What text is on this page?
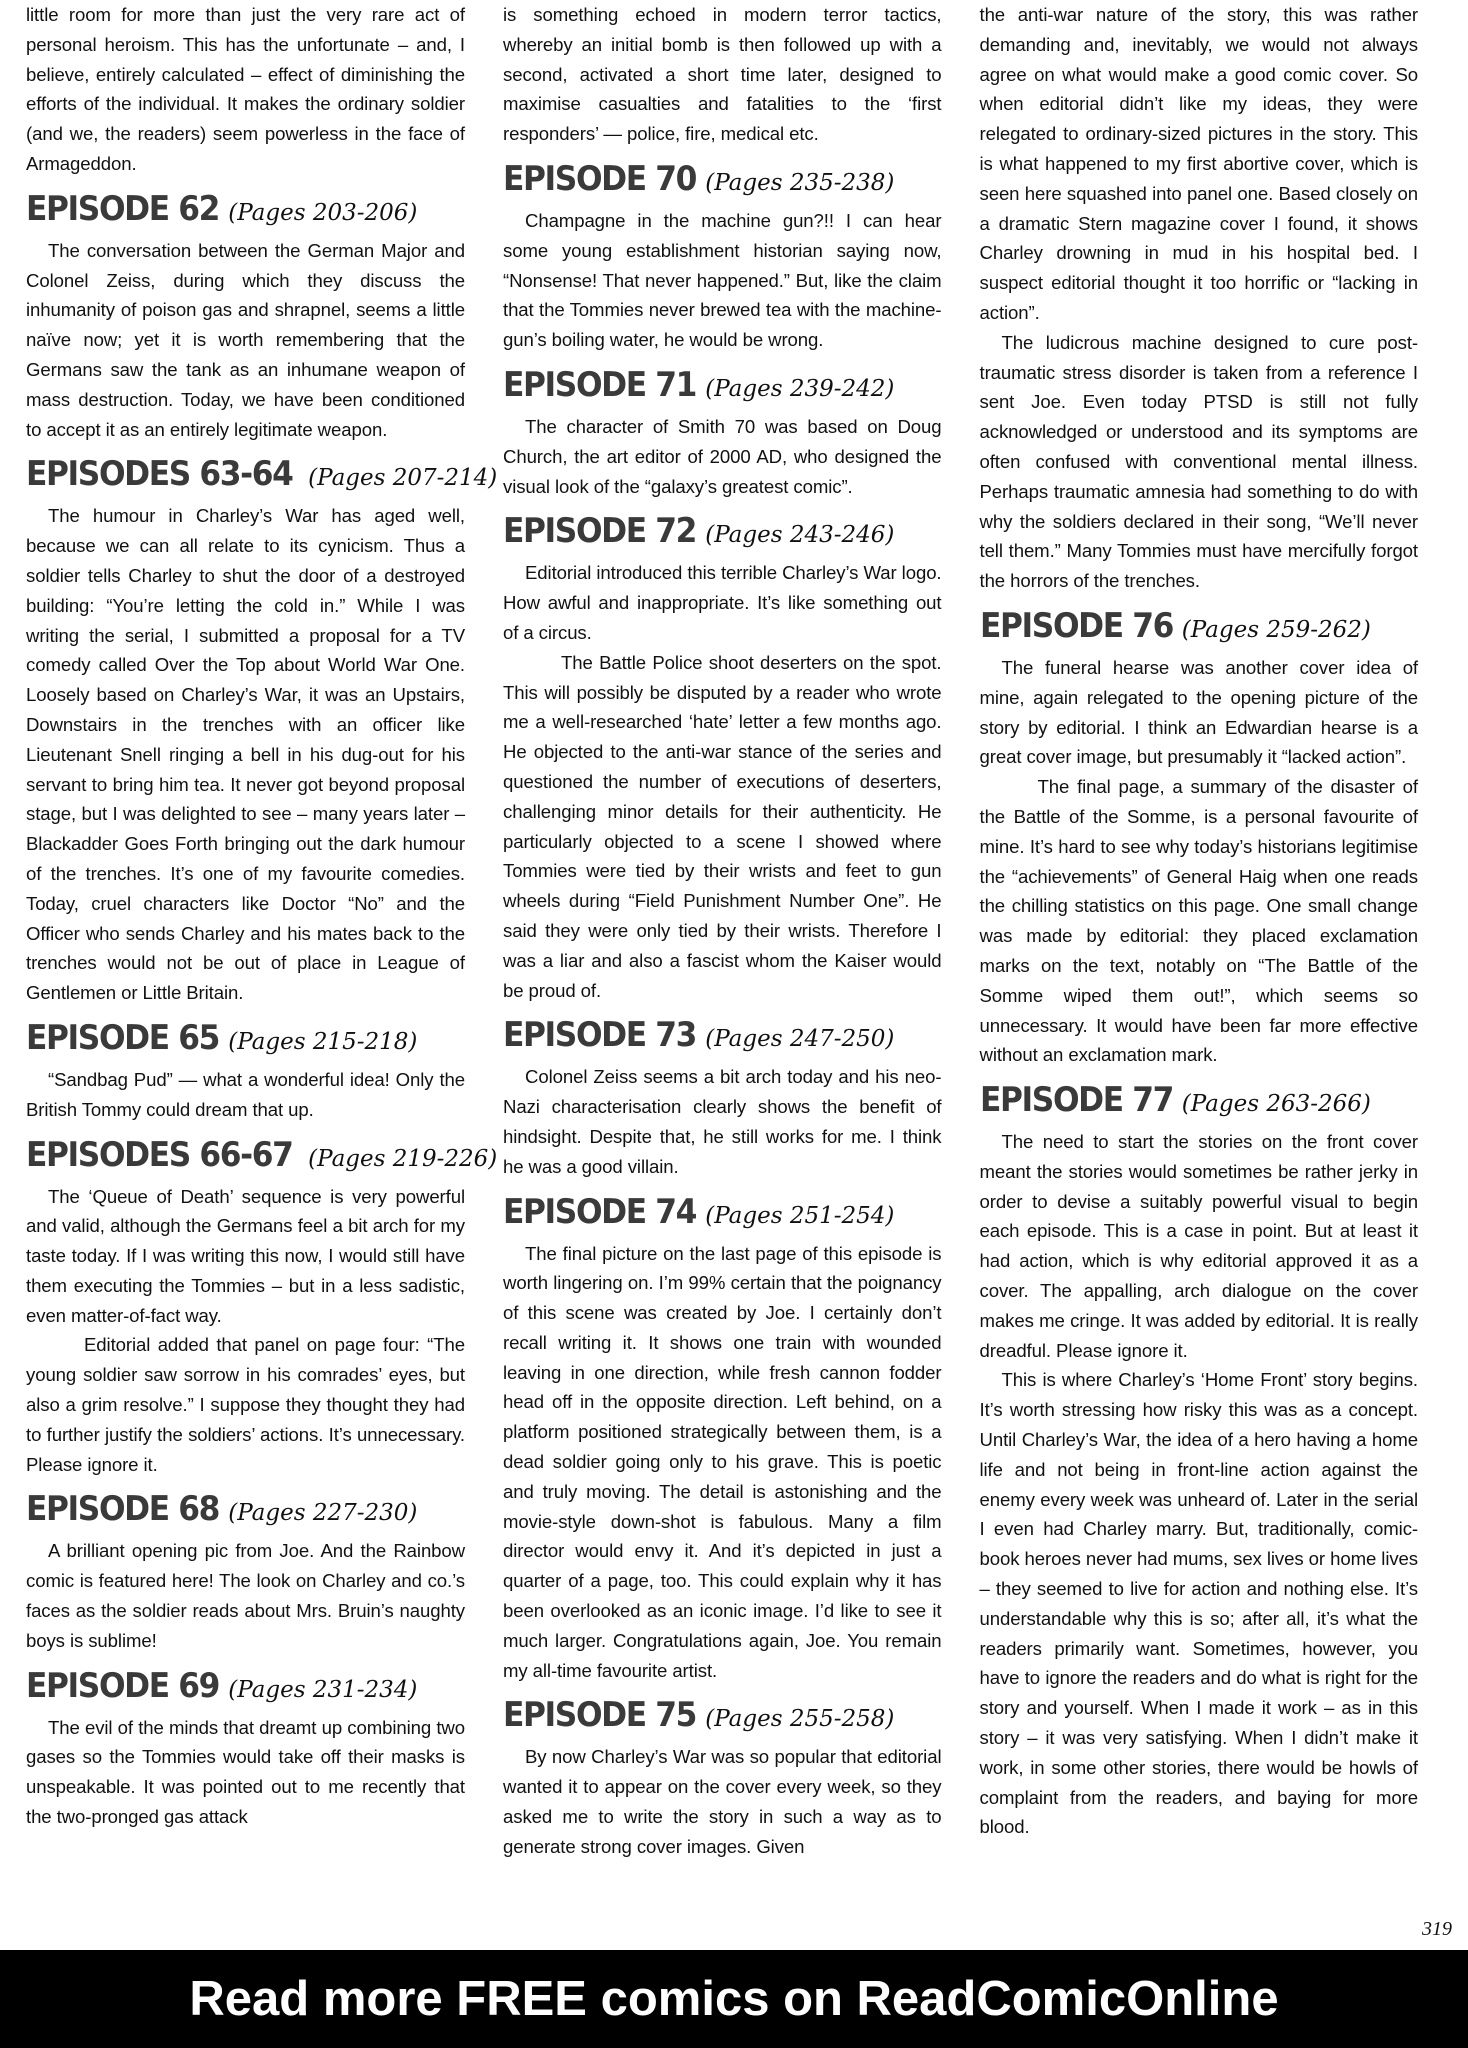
little room for more than just the very rare act of personal heroism. This has the unfortunate – and, I believe, entirely calculated – effect of diminishing the efforts of the individual. It makes the ordinary soldier (and we, the readers) seem powerless in the face of Armageddon.

EPISODE 62 (Pages 203-206)

The conversation between the German Major and Colonel Zeiss, during which they discuss the inhumanity of poison gas and shrapnel, seems a little naïve now; yet it is worth remembering that the Germans saw the tank as an inhumane weapon of mass destruction. Today, we have been conditioned to accept it as an entirely legitimate weapon.

EPISODES 63-64 (Pages 207-214)

The humour in Charley’s War has aged well, because we can all relate to its cynicism. Thus a soldier tells Charley to shut the door of a destroyed building: “You’re letting the cold in.” While I was writing the serial, I submitted a proposal for a TV comedy called Over the Top about World War One. Loosely based on Charley’s War, it was an Upstairs, Downstairs in the trenches with an officer like Lieutenant Snell ringing a bell in his dug-out for his servant to bring him tea. It never got beyond proposal stage, but I was delighted to see – many years later – Blackadder Goes Forth bringing out the dark humour of the trenches. It’s one of my favourite comedies. Today, cruel characters like Doctor “No” and the Officer who sends Charley and his mates back to the trenches would not be out of place in League of Gentlemen or Little Britain.

EPISODE 65 (Pages 215-218)

“Sandbag Pud” — what a wonderful idea! Only the British Tommy could dream that up.

EPISODES 66-67 (Pages 219-226)

The ‘Queue of Death’ sequence is very powerful and valid, although the Germans feel a bit arch for my taste today. If I was writing this now, I would still have them executing the Tommies – but in a less sadistic, even matter-of-fact way.

Editorial added that panel on page four: “The young soldier saw sorrow in his comrades’ eyes, but also a grim resolve.” I suppose they thought they had to further justify the soldiers’ actions. It’s unnecessary. Please ignore it.

EPISODE 68 (Pages 227-230)

A brilliant opening pic from Joe. And the Rainbow comic is featured here! The look on Charley and co.’s faces as the soldier reads about Mrs. Bruin’s naughty boys is sublime!

EPISODE 69 (Pages 231-234)

The evil of the minds that dreamt up combining two gases so the Tommies would take off their masks is unspeakable. It was pointed out to me recently that the two-pronged gas attack

is something echoed in modern terror tactics, whereby an initial bomb is then followed up with a second, activated a short time later, designed to maximise casualties and fatalities to the ‘first responders’ — police, fire, medical etc.

EPISODE 70 (Pages 235-238)

Champagne in the machine gun?!! I can hear some young establishment historian saying now, “Nonsense! That never happened.” But, like the claim that the Tommies never brewed tea with the machine-gun’s boiling water, he would be wrong.

EPISODE 71 (Pages 239-242)

The character of Smith 70 was based on Doug Church, the art editor of 2000 AD, who designed the visual look of the “galaxy’s greatest comic”.

EPISODE 72 (Pages 243-246)

Editorial introduced this terrible Charley’s War logo. How awful and inappropriate. It’s like something out of a circus.

The Battle Police shoot deserters on the spot. This will possibly be disputed by a reader who wrote me a well-researched ‘hate’ letter a few months ago. He objected to the anti-war stance of the series and questioned the number of executions of deserters, challenging minor details for their authenticity. He particularly objected to a scene I showed where Tommies were tied by their wrists and feet to gun wheels during “Field Punishment Number One”. He said they were only tied by their wrists. Therefore I was a liar and also a fascist whom the Kaiser would be proud of.

EPISODE 73 (Pages 247-250)

Colonel Zeiss seems a bit arch today and his neo-Nazi characterisation clearly shows the benefit of hindsight. Despite that, he still works for me. I think he was a good villain.

EPISODE 74 (Pages 251-254)

The final picture on the last page of this episode is worth lingering on. I’m 99% certain that the poignancy of this scene was created by Joe. I certainly don’t recall writing it. It shows one train with wounded leaving in one direction, while fresh cannon fodder head off in the opposite direction. Left behind, on a platform positioned strategically between them, is a dead soldier going only to his grave. This is poetic and truly moving. The detail is astonishing and the movie-style down-shot is fabulous. Many a film director would envy it. And it’s depicted in just a quarter of a page, too. This could explain why it has been overlooked as an iconic image. I’d like to see it much larger. Congratulations again, Joe. You remain my all-time favourite artist.

EPISODE 75 (Pages 255-258)

By now Charley’s War was so popular that editorial wanted it to appear on the cover every week, so they asked me to write the story in such a way as to generate strong cover images. Given

the anti-war nature of the story, this was rather demanding and, inevitably, we would not always agree on what would make a good comic cover. So when editorial didn’t like my ideas, they were relegated to ordinary-sized pictures in the story. This is what happened to my first abortive cover, which is seen here squashed into panel one. Based closely on a dramatic Stern magazine cover I found, it shows Charley drowning in mud in his hospital bed. I suspect editorial thought it too horrific or “lacking in action”.

The ludicrous machine designed to cure post-traumatic stress disorder is taken from a reference I sent Joe. Even today PTSD is still not fully acknowledged or understood and its symptoms are often confused with conventional mental illness. Perhaps traumatic amnesia had something to do with why the soldiers declared in their song, “We’ll never tell them.” Many Tommies must have mercifully forgot the horrors of the trenches.

EPISODE 76 (Pages 259-262)

The funeral hearse was another cover idea of mine, again relegated to the opening picture of the story by editorial. I think an Edwardian hearse is a great cover image, but presumably it “lacked action”.

The final page, a summary of the disaster of the Battle of the Somme, is a personal favourite of mine. It’s hard to see why today’s historians legitimise the “achievements” of General Haig when one reads the chilling statistics on this page. One small change was made by editorial: they placed exclamation marks on the text, notably on “The Battle of the Somme wiped them out!”, which seems so unnecessary. It would have been far more effective without an exclamation mark.

EPISODE 77 (Pages 263-266)

The need to start the stories on the front cover meant the stories would sometimes be rather jerky in order to devise a suitably powerful visual to begin each episode. This is a case in point. But at least it had action, which is why editorial approved it as a cover. The appalling, arch dialogue on the cover makes me cringe. It was added by editorial. It is really dreadful. Please ignore it.

This is where Charley’s ‘Home Front’ story begins. It’s worth stressing how risky this was as a concept. Until Charley’s War, the idea of a hero having a home life and not being in front-line action against the enemy every week was unheard of. Later in the serial I even had Charley marry. But, traditionally, comic-book heroes never had mums, sex lives or home lives – they seemed to live for action and nothing else. It’s understandable why this is so; after all, it’s what the readers primarily want. Sometimes, however, you have to ignore the readers and do what is right for the story and yourself. When I made it work – as in this story – it was very satisfying. When I didn’t make it work, in some other stories, there would be howls of complaint from the readers, and baying for more blood.

319
Read more FREE comics on ReadComicOnline
